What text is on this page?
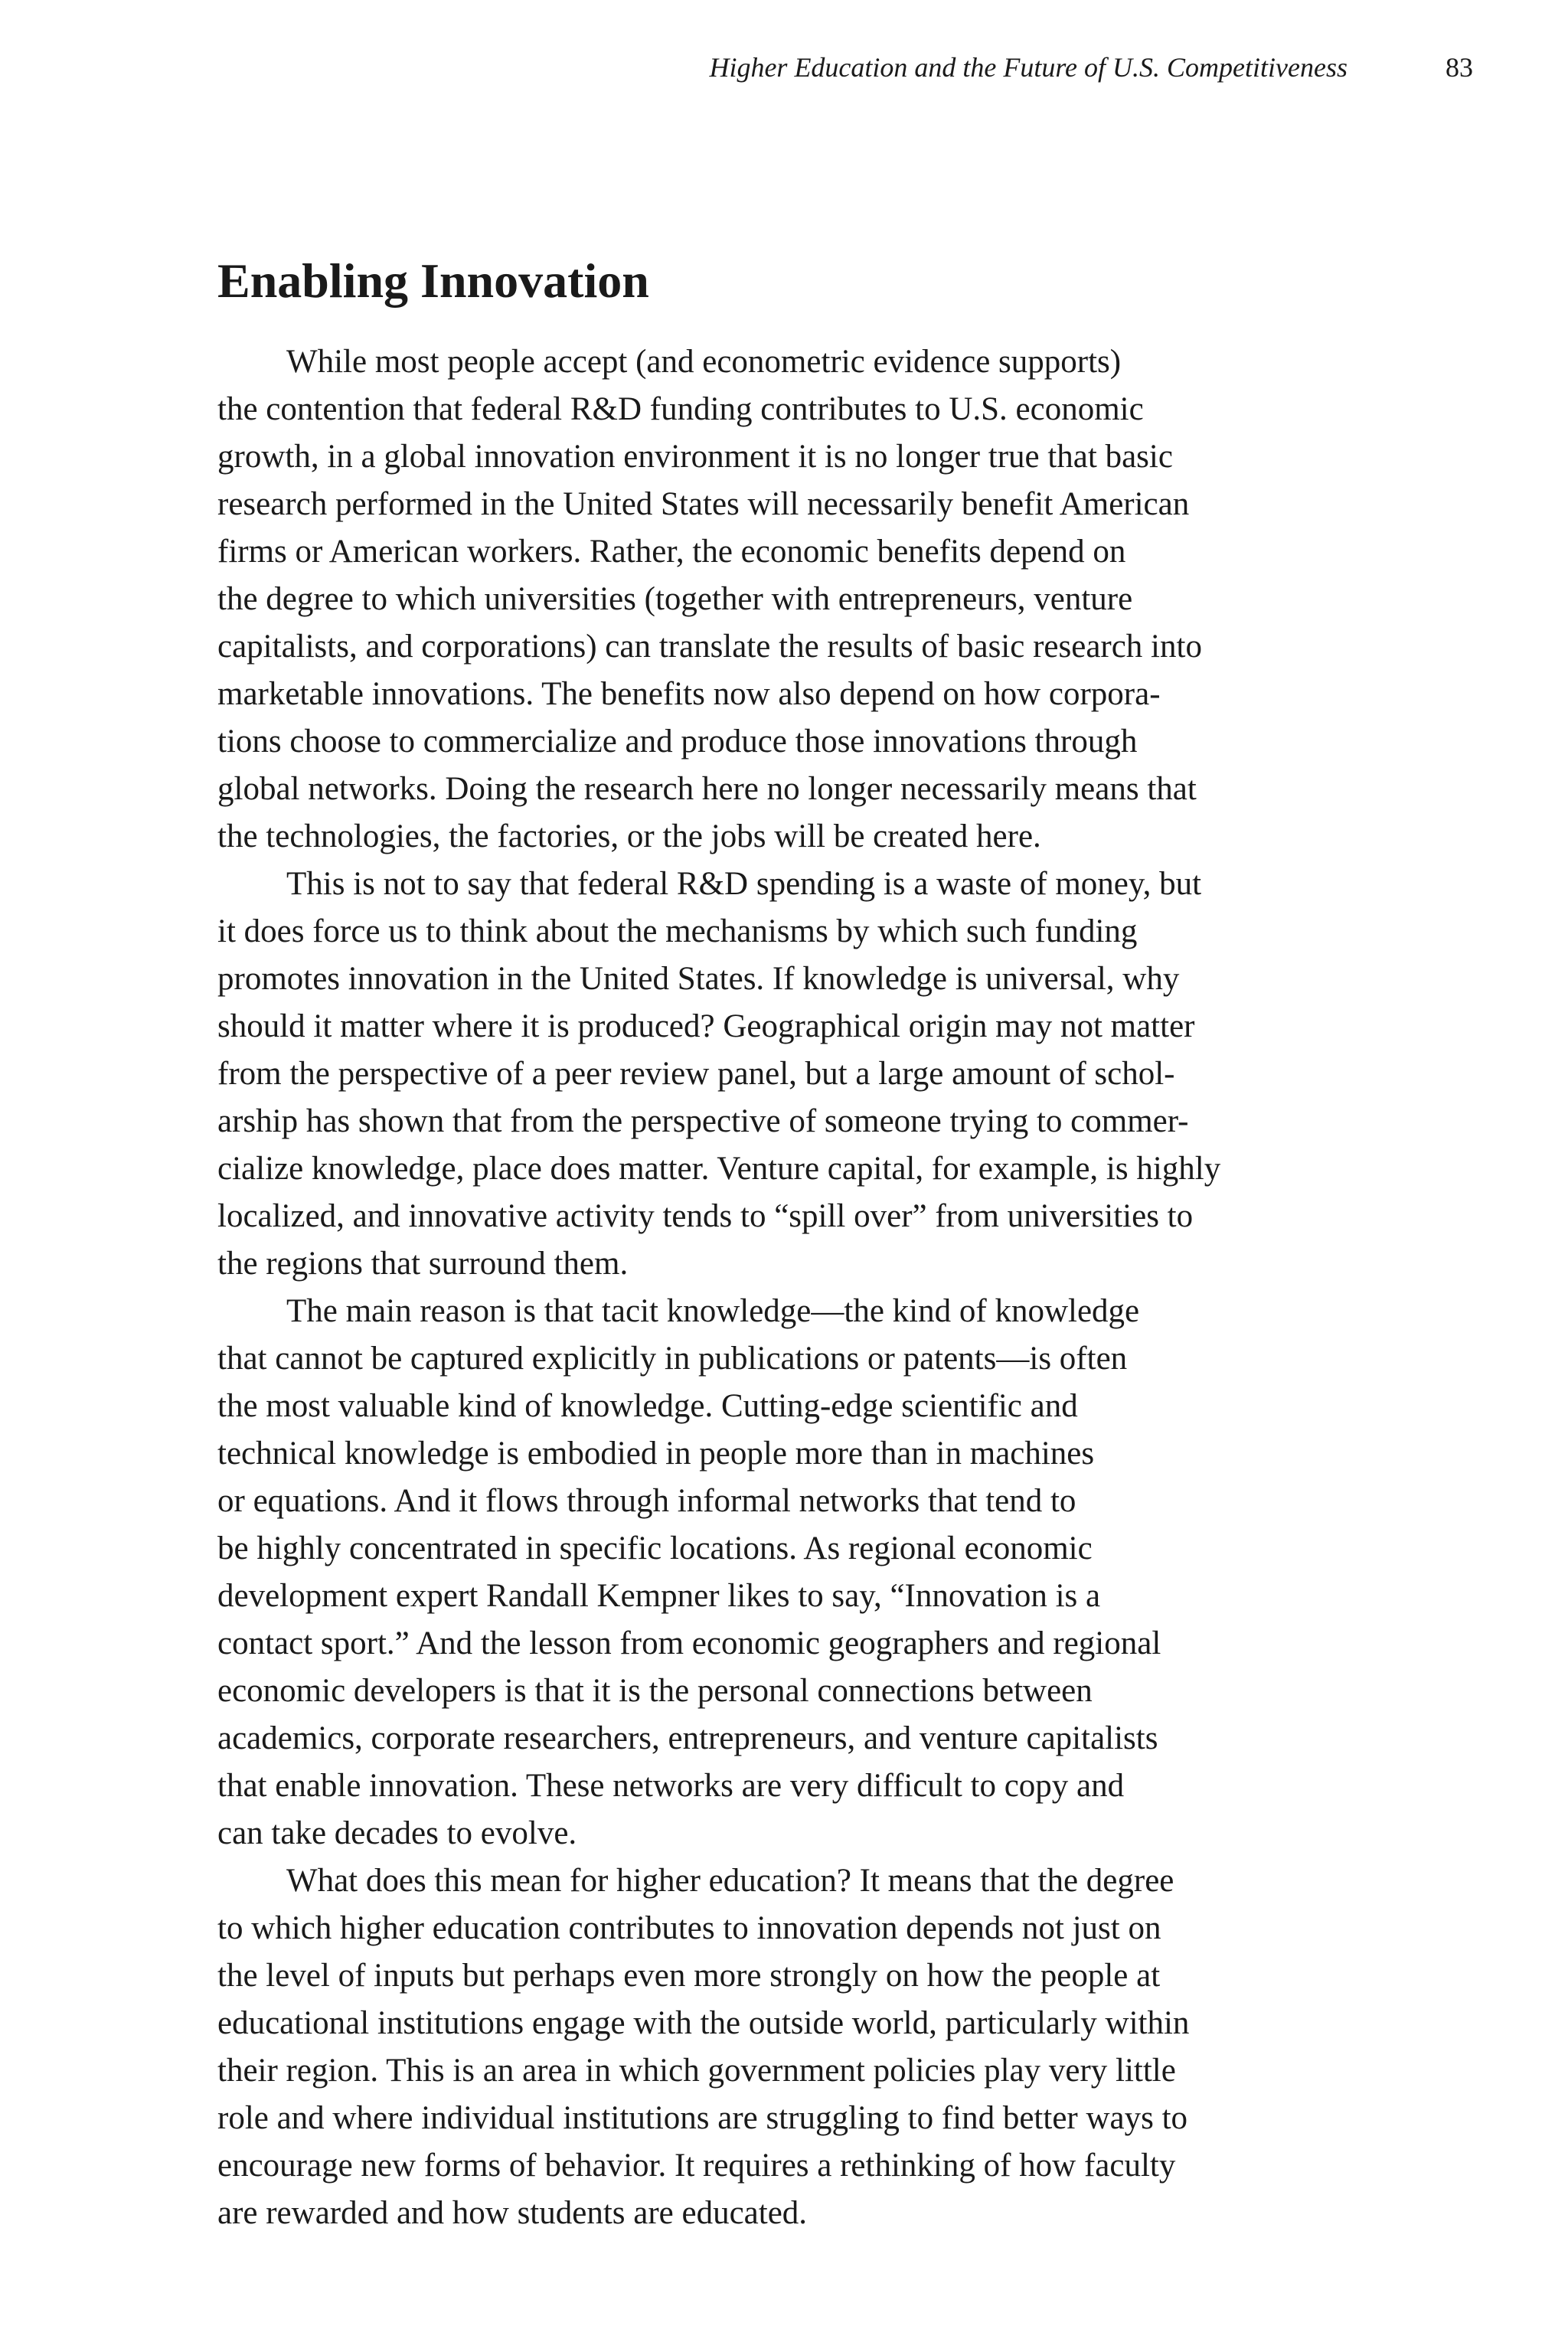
Higher Education and the Future of U.S. Competitiveness	83
Enabling Innovation

While most people accept (and econometric evidence supports)
the contention that federal R&D funding contributes to U.S. economic
growth, in a global innovation environment it is no longer true that basic
research performed in the United States will necessarily benefit American
firms or American workers. Rather, the economic benefits depend on
the degree to which universities (together with entrepreneurs, venture
capitalists, and corporations) can translate the results of basic research into
marketable innovations. The benefits now also depend on how corpora-
tions choose to commercialize and produce those innovations through
global networks. Doing the research here no longer necessarily means that
the technologies, the factories, or the jobs will be created here.

This is not to say that federal R&D spending is a waste of money, but
it does force us to think about the mechanisms by which such funding
promotes innovation in the United States. If knowledge is universal, why
should it matter where it is produced? Geographical origin may not matter
from the perspective of a peer review panel, but a large amount of schol-
arship has shown that from the perspective of someone trying to commer-
cialize knowledge, place does matter. Venture capital, for example, is highly
localized, and innovative activity tends to “spill over” from universities to
the regions that surround them.

The main reason is that tacit knowledge—the kind of knowledge
that cannot be captured explicitly in publications or patents—is often
the most valuable kind of knowledge. Cutting-edge scientific and
technical knowledge is embodied in people more than in machines
or equations. And it flows through informal networks that tend to
be highly concentrated in specific locations. As regional economic
development expert Randall Kempner likes to say, “Innovation is a
contact sport.” And the lesson from economic geographers and regional
economic developers is that it is the personal connections between
academics, corporate researchers, entrepreneurs, and venture capitalists
that enable innovation. These networks are very difficult to copy and
can take decades to evolve.

What does this mean for higher education? It means that the degree
to which higher education contributes to innovation depends not just on
the level of inputs but perhaps even more strongly on how the people at
educational institutions engage with the outside world, particularly within
their region. This is an area in which government policies play very little
role and where individual institutions are struggling to find better ways to
encourage new forms of behavior. It requires a rethinking of how faculty
are rewarded and how students are educated.
